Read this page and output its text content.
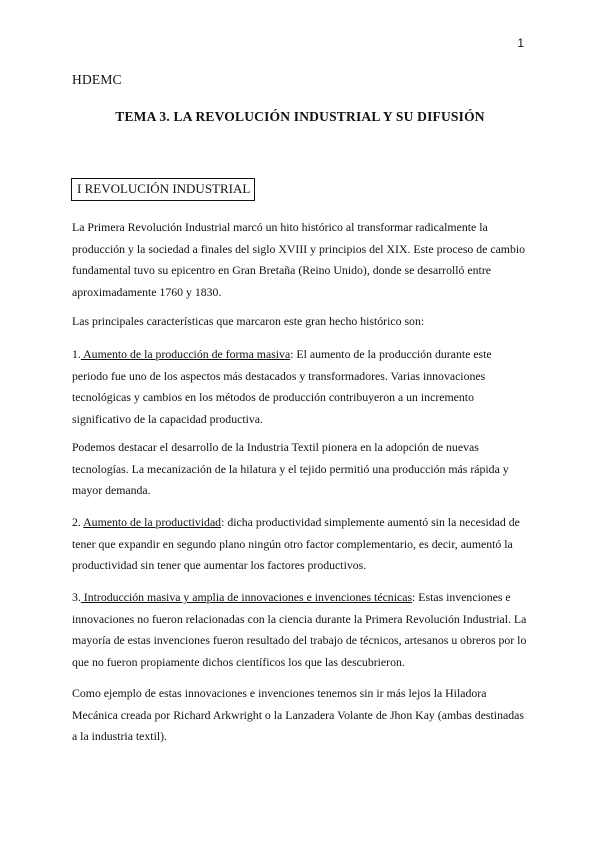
1
HDEMC
TEMA 3. LA REVOLUCIÓN INDUSTRIAL Y SU DIFUSIÓN
I REVOLUCIÓN INDUSTRIAL

La Primera Revolución Industrial marcó un hito histórico al transformar radicalmente la producción y la sociedad a finales del siglo XVIII y principios del XIX. Este proceso de cambio fundamental tuvo su epicentro en Gran Bretaña (Reino Unido), donde se desarrolló entre aproximadamente 1760 y 1830.

Las principales características que marcaron este gran hecho histórico son:

1. Aumento de la producción de forma masiva: El aumento de la producción durante este periodo fue uno de los aspectos más destacados y transformadores. Varias innovaciones tecnológicas y cambios en los métodos de producción contribuyeron a un incremento significativo de la capacidad productiva.

Podemos destacar el desarrollo de la Industria Textil pionera en la adopción de nuevas tecnologías. La mecanización de la hilatura y el tejido permitió una producción más rápida y mayor demanda.

2. Aumento de la productividad: dicha productividad simplemente aumentó sin la necesidad de tener que expandir en segundo plano ningún otro factor complementario, es decir, aumentó la productividad sin tener que aumentar los factores productivos.

3. Introducción masiva y amplia de innovaciones e invenciones técnicas: Estas invenciones e innovaciones no fueron relacionadas con la ciencia durante la Primera Revolución Industrial. La mayoría de estas invenciones fueron resultado del trabajo de técnicos, artesanos u obreros por lo que no fueron propiamente dichos científicos los que las descubrieron.

Como ejemplo de estas innovaciones e invenciones tenemos sin ir más lejos la Hiladora Mecánica creada por Richard Arkwright o la Lanzadera Volante de Jhon Kay (ambas destinadas a la industria textil).
